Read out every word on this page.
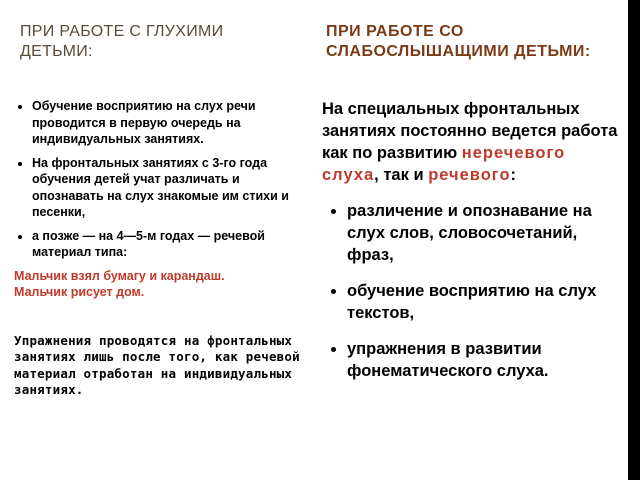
ПРИ РАБОТЕ С ГЛУХИМИ ДЕТЬМИ:
ПРИ РАБОТЕ СО СЛАБОСЛЫШАЩИМИ ДЕТЬМИ:
• Обучение восприятию на слух речи проводится в первую очередь на индивидуальных занятиях.
• На фронтальных занятиях с 3-го года обучения детей учат различать и опознавать на слух знакомые им стихи и песенки,
• а позже — на 4—5-м годах — речевой материал типа:
Мальчик взял бумагу и карандаш.
Мальчик рисует дом.
Упражнения проводятся на фронтальных занятиях лишь после того, как речевой материал отработан на индивидуальных занятиях.
На специальных фронтальных занятиях постоянно ведется работа как по развитию неречевого слуха, так и речевого:
• различение и опознавание на слух слов, словосочетаний, фраз,
• обучение восприятию на слух текстов,
• упражнения в развитии фонематического слуха.
